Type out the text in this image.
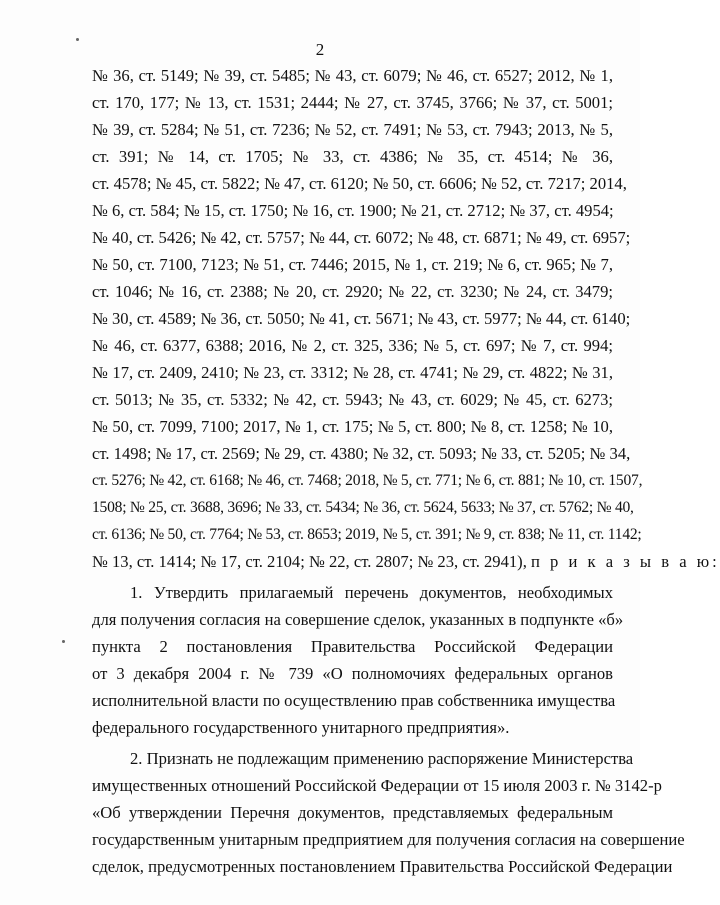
2
№ 36, ст. 5149; № 39, ст. 5485; № 43, ст. 6079; № 46, ст. 6527; 2012, № 1,
ст. 170, 177; № 13, ст. 1531; 2444; № 27, ст. 3745, 3766; № 37, ст. 5001;
№ 39, ст. 5284; № 51, ст. 7236; № 52, ст. 7491; № 53, ст. 7943; 2013, № 5,
ст. 391; № 14, ст. 1705; № 33, ст. 4386; № 35, ст. 4514; № 36,
ст. 4578; № 45, ст. 5822; № 47, ст. 6120; № 50, ст. 6606; № 52, ст. 7217; 2014,
№ 6, ст. 584; № 15, ст. 1750; № 16, ст. 1900; № 21, ст. 2712; № 37, ст. 4954;
№ 40, ст. 5426; № 42, ст. 5757; № 44, ст. 6072; № 48, ст. 6871; № 49, ст. 6957;
№ 50, ст. 7100, 7123; № 51, ст. 7446; 2015, № 1, ст. 219; № 6, ст. 965; № 7,
ст. 1046; № 16, ст. 2388; № 20, ст. 2920; № 22, ст. 3230; № 24, ст. 3479;
№ 30, ст. 4589; № 36, ст. 5050; № 41, ст. 5671; № 43, ст. 5977; № 44, ст. 6140;
№ 46, ст. 6377, 6388; 2016, № 2, ст. 325, 336; № 5, ст. 697; № 7, ст. 994;
№ 17, ст. 2409, 2410; № 23, ст. 3312; № 28, ст. 4741; № 29, ст. 4822; № 31,
ст. 5013; № 35, ст. 5332; № 42, ст. 5943; № 43, ст. 6029; № 45, ст. 6273;
№ 50, ст. 7099, 7100; 2017, № 1, ст. 175; № 5, ст. 800; № 8, ст. 1258; № 10,
ст. 1498; № 17, ст. 2569; № 29, ст. 4380; № 32, ст. 5093; № 33, ст. 5205; № 34,
ст. 5276; № 42, ст. 6168; № 46, ст. 7468; 2018, № 5, ст. 771; № 6, ст. 881; № 10, ст. 1507,
1508; № 25, ст. 3688, 3696; № 33, ст. 5434; № 36, ст. 5624, 5633; № 37, ст. 5762; № 40,
ст. 6136; № 50, ст. 7764; № 53, ст. 8653; 2019, № 5, ст. 391; № 9, ст. 838; № 11, ст. 1142;
№ 13, ст. 1414; № 17, ст. 2104; № 22, ст. 2807; № 23, ст. 2941), п р и к а з ы в а ю:
1. Утвердить прилагаемый перечень документов, необходимых
для получения согласия на совершение сделок, указанных в подпункте «б»
пункта 2 постановления Правительства Российской Федерации
от 3 декабря 2004 г. № 739 «О полномочиях федеральных органов
исполнительной власти по осуществлению прав собственника имущества
федерального государственного унитарного предприятия».
2. Признать не подлежащим применению распоряжение Министерства
имущественных отношений Российской Федерации от 15 июля 2003 г. № 3142-р
«Об утверждении Перечня документов, представляемых федеральным
государственным унитарным предприятием для получения согласия на совершение
сделок, предусмотренных постановлением Правительства Российской Федерации
